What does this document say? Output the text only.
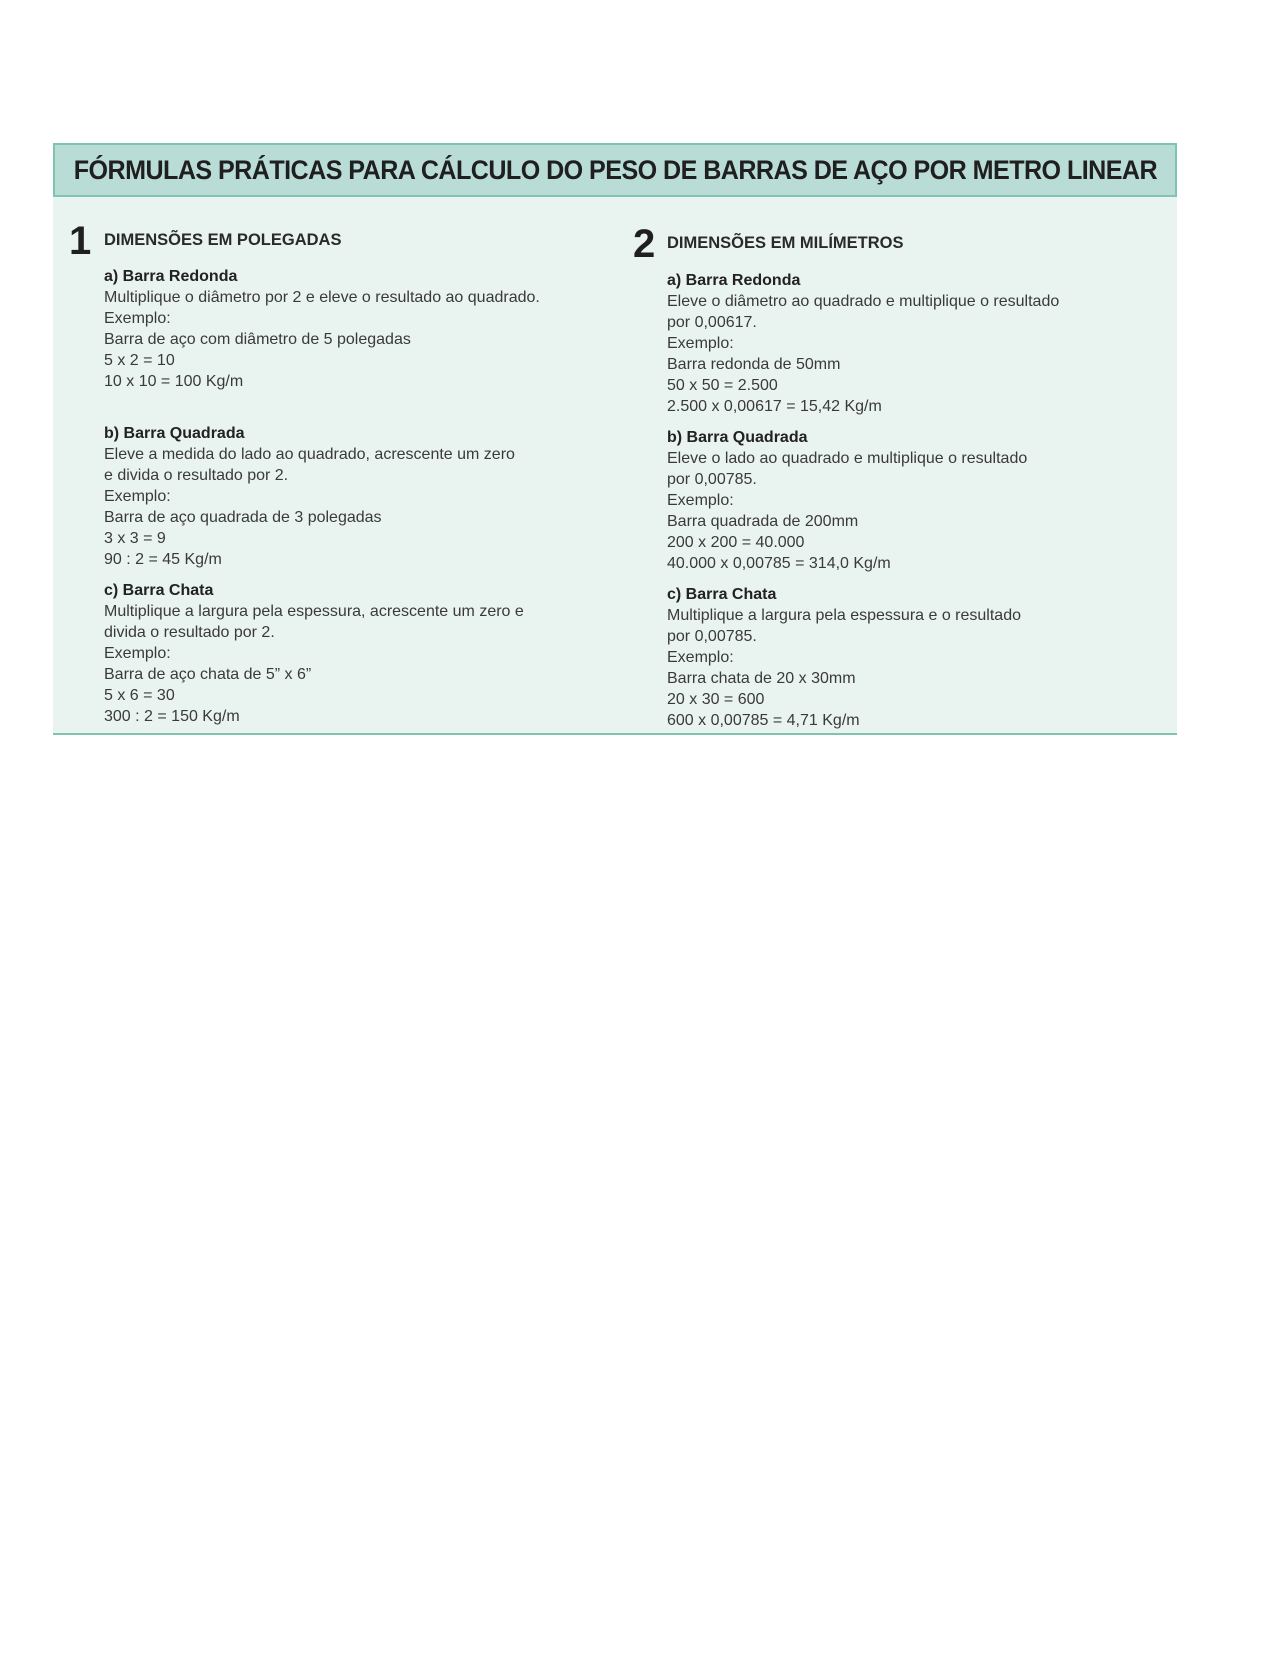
FÓRMULAS PRÁTICAS PARA CÁLCULO DO PESO DE BARRAS DE AÇO POR METRO LINEAR
1 DIMENSÕES EM POLEGADAS
a) Barra Redonda
Multiplique o diâmetro por 2 e eleve o resultado ao quadrado.
Exemplo:
Barra de aço com diâmetro de 5 polegadas
5 x 2 = 10
10 x 10 = 100 Kg/m
b) Barra Quadrada
Eleve a medida do lado ao quadrado, acrescente um zero
e divida o resultado por 2.
Exemplo:
Barra de aço quadrada de 3 polegadas
3 x 3 = 9
90 : 2 = 45 Kg/m
c) Barra Chata
Multiplique a largura pela espessura, acrescente um zero e
divida o resultado por 2.
Exemplo:
Barra de aço chata de 5” x 6”
5 x 6 = 30
300 : 2 = 150 Kg/m
2 DIMENSÕES EM MILÍMETROS
a) Barra Redonda
Eleve o diâmetro ao quadrado e multiplique o resultado
por 0,00617.
Exemplo:
Barra redonda de 50mm
50 x 50 = 2.500
2.500 x 0,00617 = 15,42 Kg/m
b) Barra Quadrada
Eleve o lado ao quadrado e multiplique o resultado
por 0,00785.
Exemplo:
Barra quadrada de 200mm
200 x 200 = 40.000
40.000 x 0,00785 = 314,0 Kg/m
c) Barra Chata
Multiplique a largura pela espessura e o resultado
por 0,00785.
Exemplo:
Barra chata de 20 x 30mm
20 x 30 = 600
600 x 0,00785 = 4,71 Kg/m
